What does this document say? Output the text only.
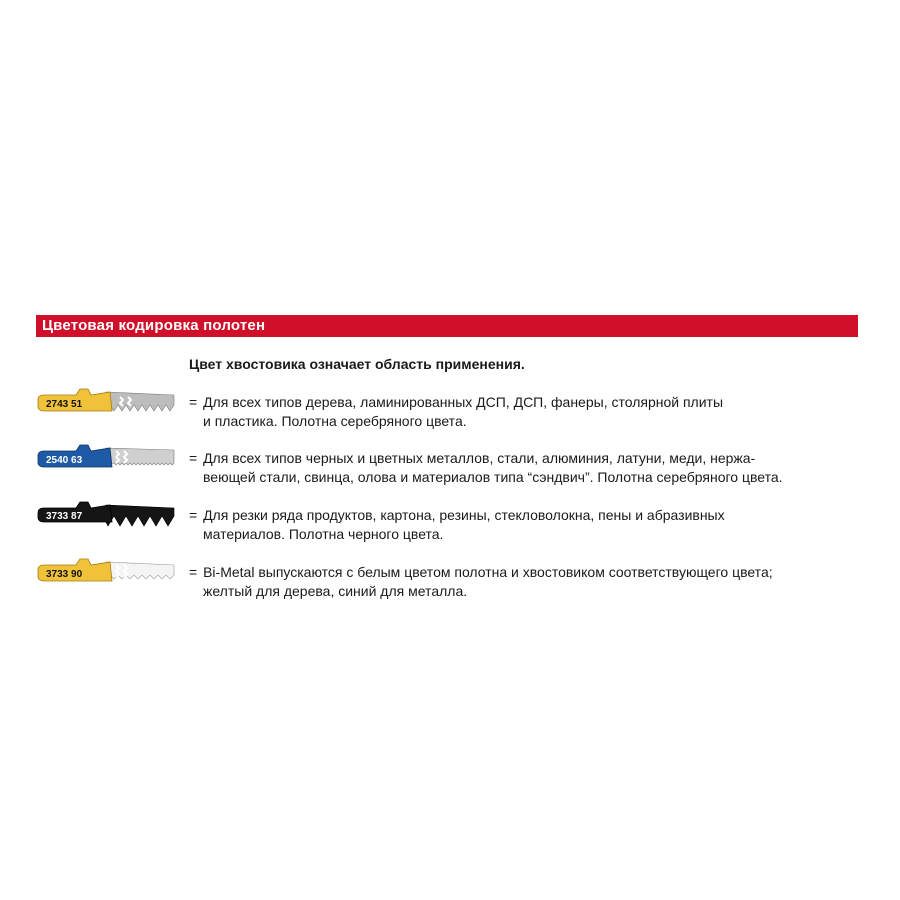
Цветовая кодировка полотен

Цвет хвостовика означает область применения.

2743 51	= Для всех типов дерева, ламинированных ДСП, ДСП, фанеры, столярной плиты
и пластика. Полотна серебряного цвета.
2540 63	= Для всех типов черных и цветных металлов, стали, алюминия, латуни, меди, нержа-
веющей стали, свинца, олова и материалов типа “сэндвич”. Полотна серебряного цвета.
3733 87	= Для резки ряда продуктов, картона, резины, стекловолокна, пены и абразивных
материалов. Полотна черного цвета.
3733 90	= Bi-Metal выпускаются с белым цветом полотна и хвостовиком соответствующего цвета;
желтый для дерева, синий для металла.
